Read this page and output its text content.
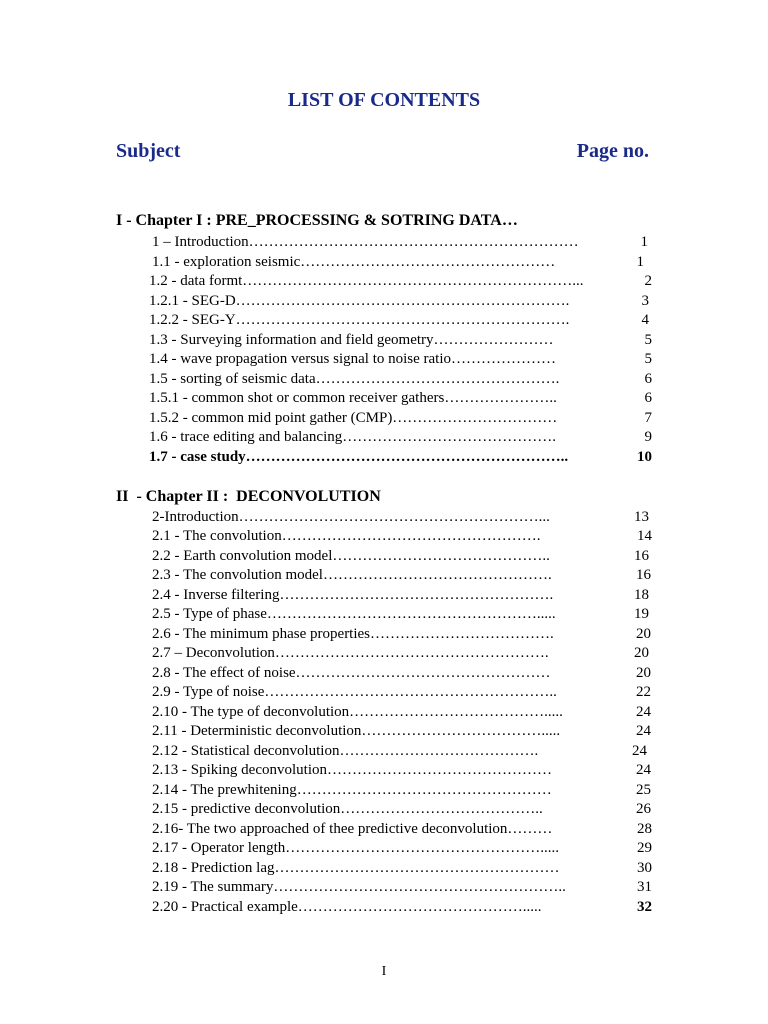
LIST OF CONTENTS
Subject	Page no.
I - Chapter I : PRE_PROCESSING & SOTRING DATA…
1 – Introduction…………………………………………………………	1
1.1 - exploration seismic……………………………………………	1
1.2 - data formt…………………………………………………………...	2
1.2.1 - SEG-D………………………………………………………….	3
1.2.2 - SEG-Y………………………………………………………….	4
1.3 - Surveying information and field geometry……………………	5
1.4 - wave propagation versus signal to noise ratio…………………	5
1.5 - sorting of seismic data………………………………………….	6
1.5.1 - common shot or common receiver gathers…………………..	6
1.5.2 - common mid point gather (CMP)……………………………	7
1.6 - trace editing and balancing…………………………………….	9
1.7 - case study………………………………………………………..	10
II  - Chapter II :  DECONVOLUTION
2-Introduction……………………………………………………...	13
2.1 - The convolution…………………………………………….	14
2.2 - Earth convolution model……………………………………..	16
2.3 - The convolution model……………………………………….	16
2.4 - Inverse filtering……………………………………………….	18
2.5 - Type of phase……………………………………………….....	19
2.6 - The minimum phase properties……………………………….	20
2.7 – Deconvolution……………………………………………….	20
2.8 - The effect of noise……………………………………………	20
2.9 - Type of noise…………………………………………………..	22
2.10 - The type of deconvolution………………………………….....	24
2.11 - Deterministic deconvolution……………………………….....	24
2.12 - Statistical deconvolution………………………………….	24
2.13 - Spiking deconvolution………………………………………	24
2.14 - The prewhitening……………………………………………	25
2.15 - predictive deconvolution…………………………………..	26
2.16- The two approached of thee predictive deconvolution………	28
2.17 - Operator length…………………………………………….....	29
2.18 - Prediction lag…………………………………………………	30
2.19 - The summary…………………………………………………..	31
2.20 - Practical example……………………………………….....	32
I
